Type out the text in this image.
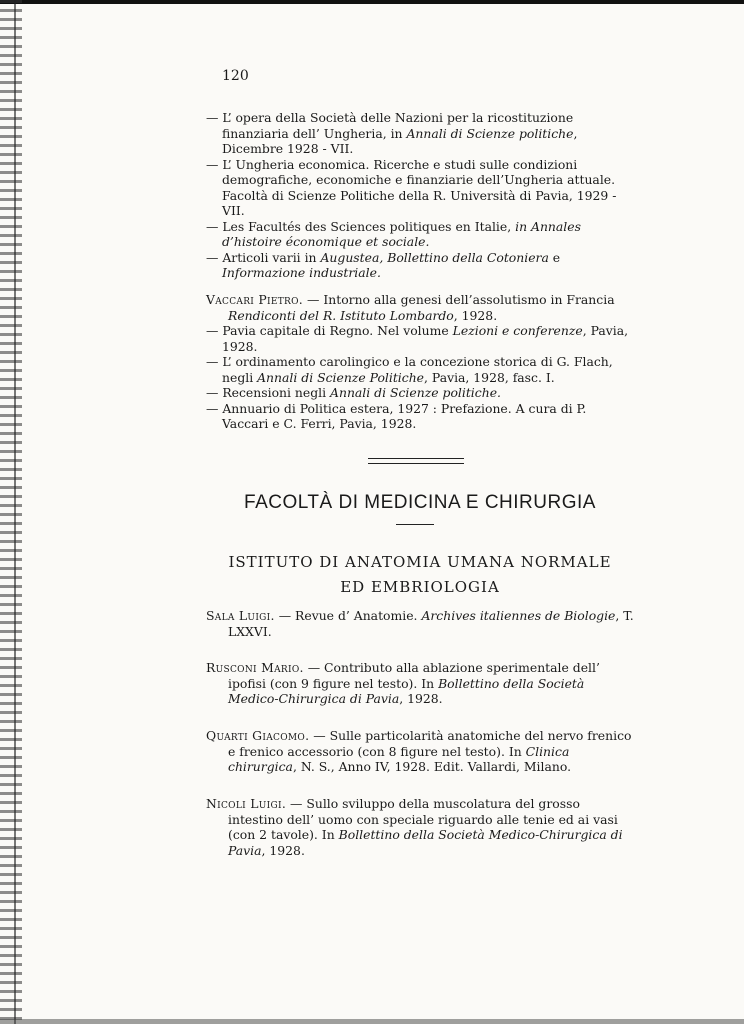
120

— L’ opera della Società delle Nazioni per la ricostituzione finanziaria dell’ Ungheria, in Annali di Scienze politiche, Dicembre 1928 - VII.

— L’ Ungheria economica. Ricerche e studi sulle condizioni demografiche, economiche e finanziarie dell’Ungheria attuale. Facoltà di Scienze Politiche della R. Università di Pavia, 1929 - VII.

— Les Facultés des Sciences politiques en Italie, in Annales d’histoire économique et sociale.

— Articoli varii in Augustea, Bollettino della Cotoniera e Informazione industriale.

Vaccari Pietro. — Intorno alla genesi dell’assolutismo in Francia Rendiconti del R. Istituto Lombardo, 1928.

— Pavia capitale di Regno. Nel volume Lezioni e conferenze, Pavia, 1928.

— L’ ordinamento carolingico e la concezione storica di G. Flach, negli Annali di Scienze Politiche, Pavia, 1928, fasc. I.

— Recensioni negli Annali di Scienze politiche.

— Annuario di Politica estera, 1927 : Prefazione. A cura di P. Vaccari e C. Ferri, Pavia, 1928.

FACOLTÀ DI MEDICINA E CHIRURGIA
ISTITUTO DI ANATOMIA UMANA NORMALE
ED EMBRIOLOGIA

Sala Luigi. — Revue d’ Anatomie. Archives italiennes de Biologie, T. LXXVI.

Rusconi Mario. — Contributo alla ablazione sperimentale dell’ ipofisi (con 9 figure nel testo). In Bollettino della Società Medico-Chirurgica di Pavia, 1928.

Quarti Giacomo. — Sulle particolarità anatomiche del nervo frenico e frenico accessorio (con 8 figure nel testo). In Clinica chirurgica, N. S., Anno IV, 1928. Edit. Vallardi, Milano.

Nicoli Luigi. — Sullo sviluppo della muscolatura del grosso intestino dell’ uomo con speciale riguardo alle tenie ed ai vasi (con 2 tavole). In Bollettino della Società Medico-Chirurgica di Pavia, 1928.
